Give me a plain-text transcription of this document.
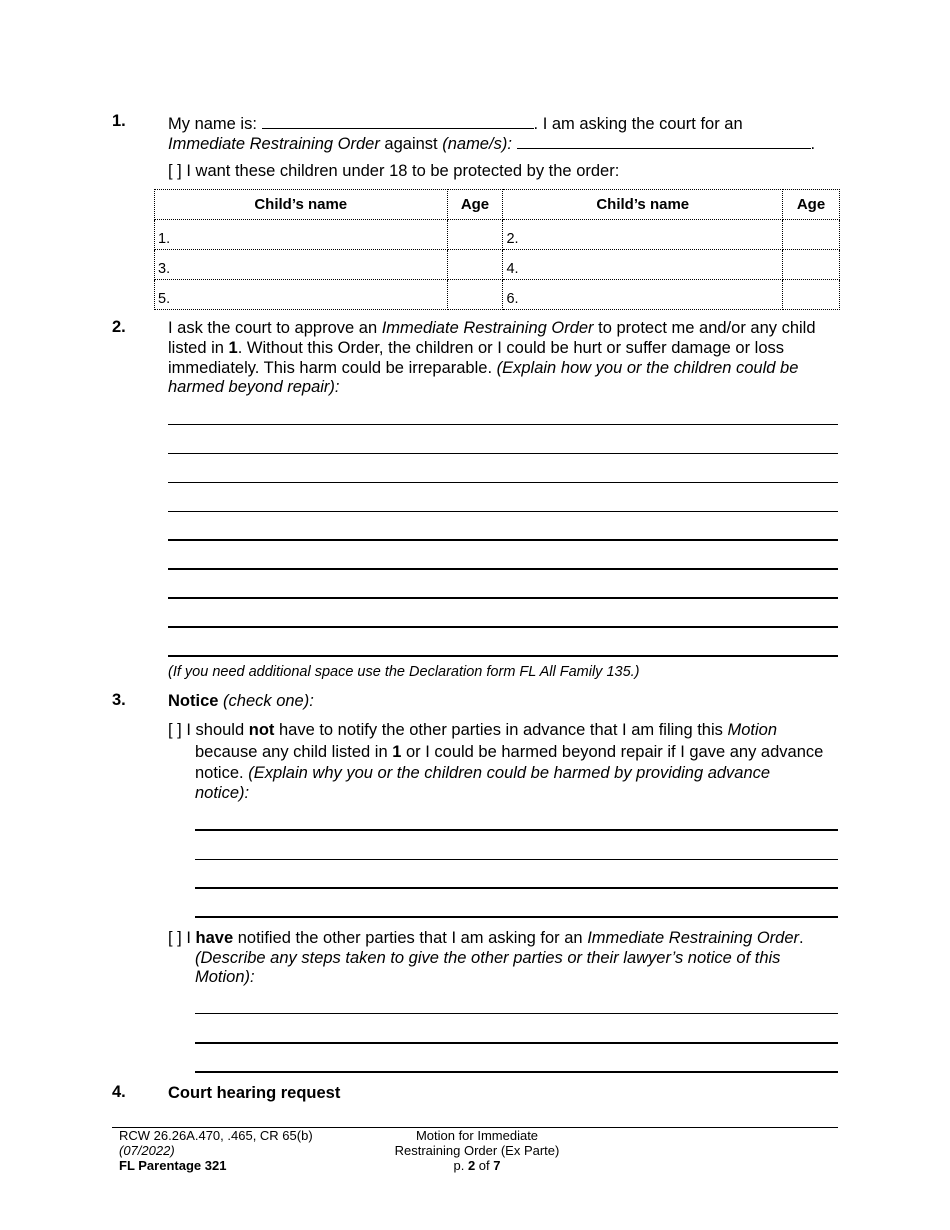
1.	My name is:	. I am asking the court for an
Immediate Restraining Order against (name/s):	.
[ ] I want these children under 18 to be protected by the order:
Child’s name	Age	Child’s name	Age
1.		2.	
3.		4.	
5.		6.	
2.	I ask the court to approve an Immediate Restraining Order to protect me and/or any child
listed in 1. Without this Order, the children or I could be hurt or suffer damage or loss
immediately. This harm could be irreparable. (Explain how you or the children could be
harmed beyond repair):
(If you need additional space use the Declaration form FL All Family 135.)
3.	Notice (check one):
[ ] I should not have to notify the other parties in advance that I am filing this Motion
because any child listed in 1 or I could be harmed beyond repair if I gave any advance
notice. (Explain why you or the children could be harmed by providing advance
notice):
[ ] I have notified the other parties that I am asking for an Immediate Restraining Order.
(Describe any steps taken to give the other parties or their lawyer’s notice of this
Motion):
4.	Court hearing request
RCW 26.26A.470, .465, CR 65(b)
(07/2022)
FL Parentage 321
Motion for Immediate
Restraining Order (Ex Parte)
p. 2 of 7
